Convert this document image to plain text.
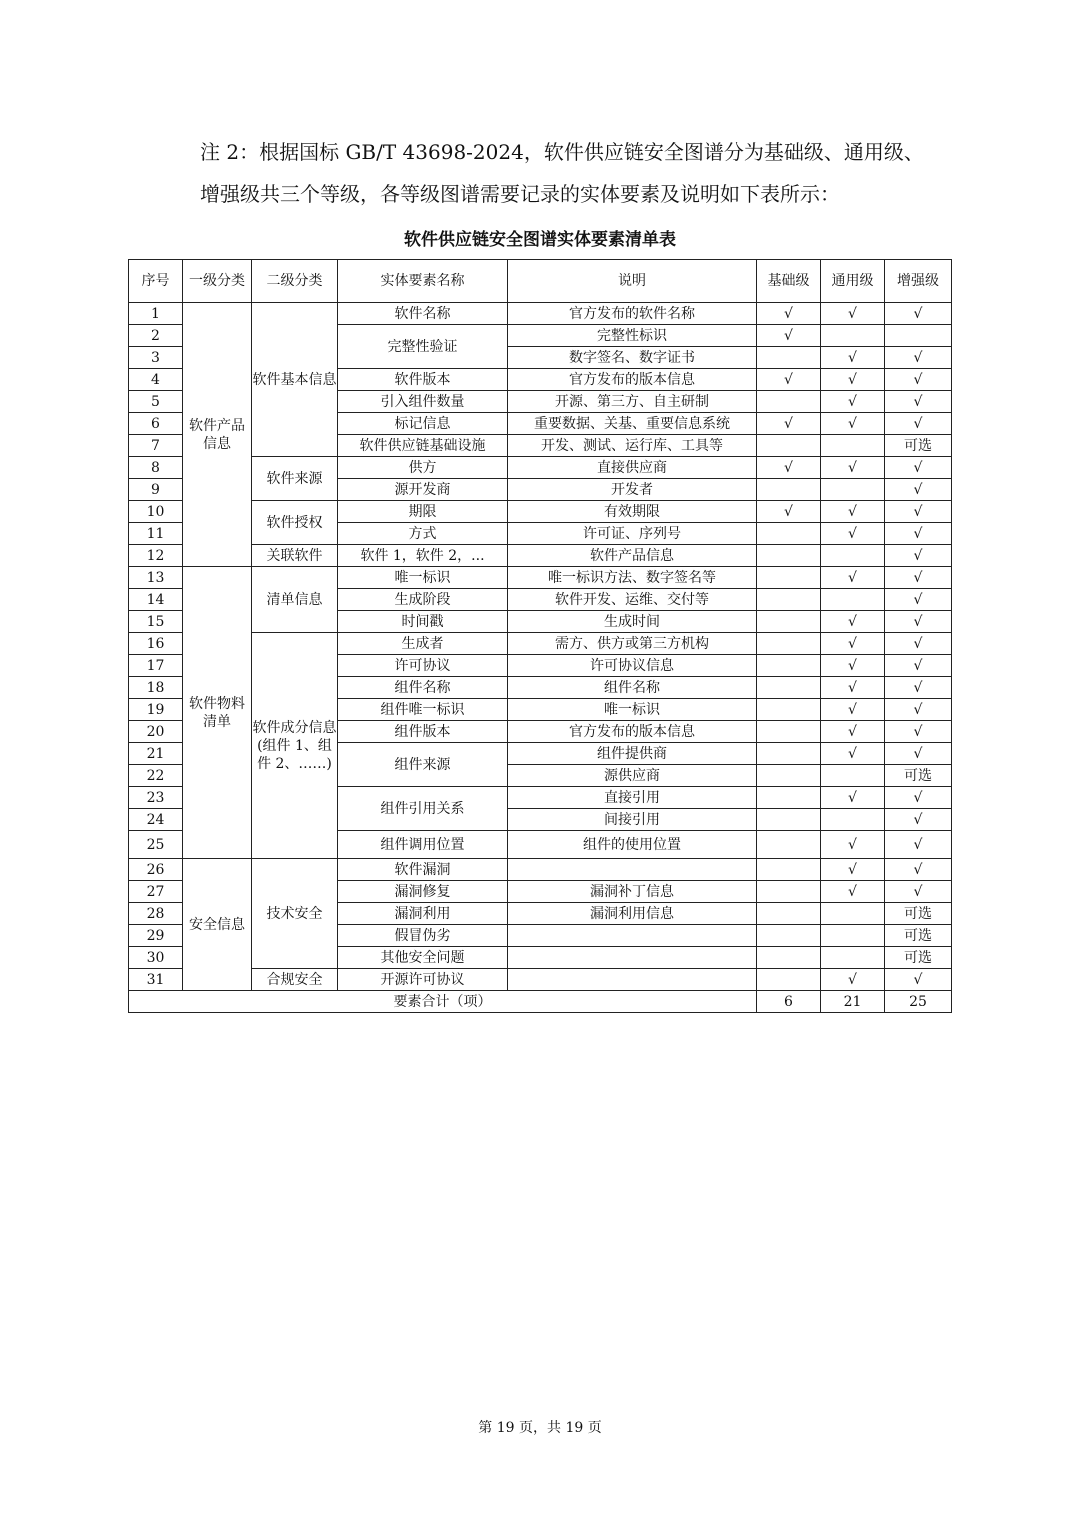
注 2：根据国标 GB/T 43698-2024，软件供应链安全图谱分为基础级、通用级、
增强级共三个等级，各等级图谱需要记录的实体要素及说明如下表所示：
软件供应链安全图谱实体要素清单表
序号	一级分类	二级分类	实体要素名称	说明	基础级	通用级	增强级
1	软件产品信息	软件基本信息	软件名称	官方发布的软件名称	√	√	√
2			完整性验证	完整性标识	√		
3				数字签名、数字证书		√	√
4			软件版本	官方发布的版本信息	√	√	√
5			引入组件数量	开源、第三方、自主研制		√	√
6			标记信息	重要数据、关基、重要信息系统	√	√	√
7			软件供应链基础设施	开发、测试、运行库、工具等			可选
8		软件来源	供方	直接供应商	√	√	√
9			源开发商	开发者			√
10		软件授权	期限	有效期限	√	√	√
11			方式	许可证、序列号		√	√
12		关联软件	软件 1，软件 2，...	软件产品信息			√
13	软件物料清单	清单信息	唯一标识	唯一标识方法、数字签名等		√	√
14			生成阶段	软件开发、运维、交付等			√
15			时间戳	生成时间		√	√
16		软件成分信息(组件 1、组件 2、……)	生成者	需方、供方或第三方机构		√	√
17			许可协议	许可协议信息		√	√
18			组件名称	组件名称		√	√
19			组件唯一标识	唯一标识		√	√
20			组件版本	官方发布的版本信息		√	√
21			组件来源	组件提供商		√	√
22				源供应商			可选
23			组件引用关系	直接引用		√	√
24				间接引用			√
25			组件调用位置	组件的使用位置		√	√
26	安全信息	技术安全	软件漏洞			√	√
27			漏洞修复	漏洞补丁信息		√	√
28			漏洞利用	漏洞利用信息			可选
29			假冒伪劣				可选
30			其他安全问题				可选
31		合规安全	开源许可协议			√	√
要素合计（项）					6	21	25
第 19 页，共 19 页
